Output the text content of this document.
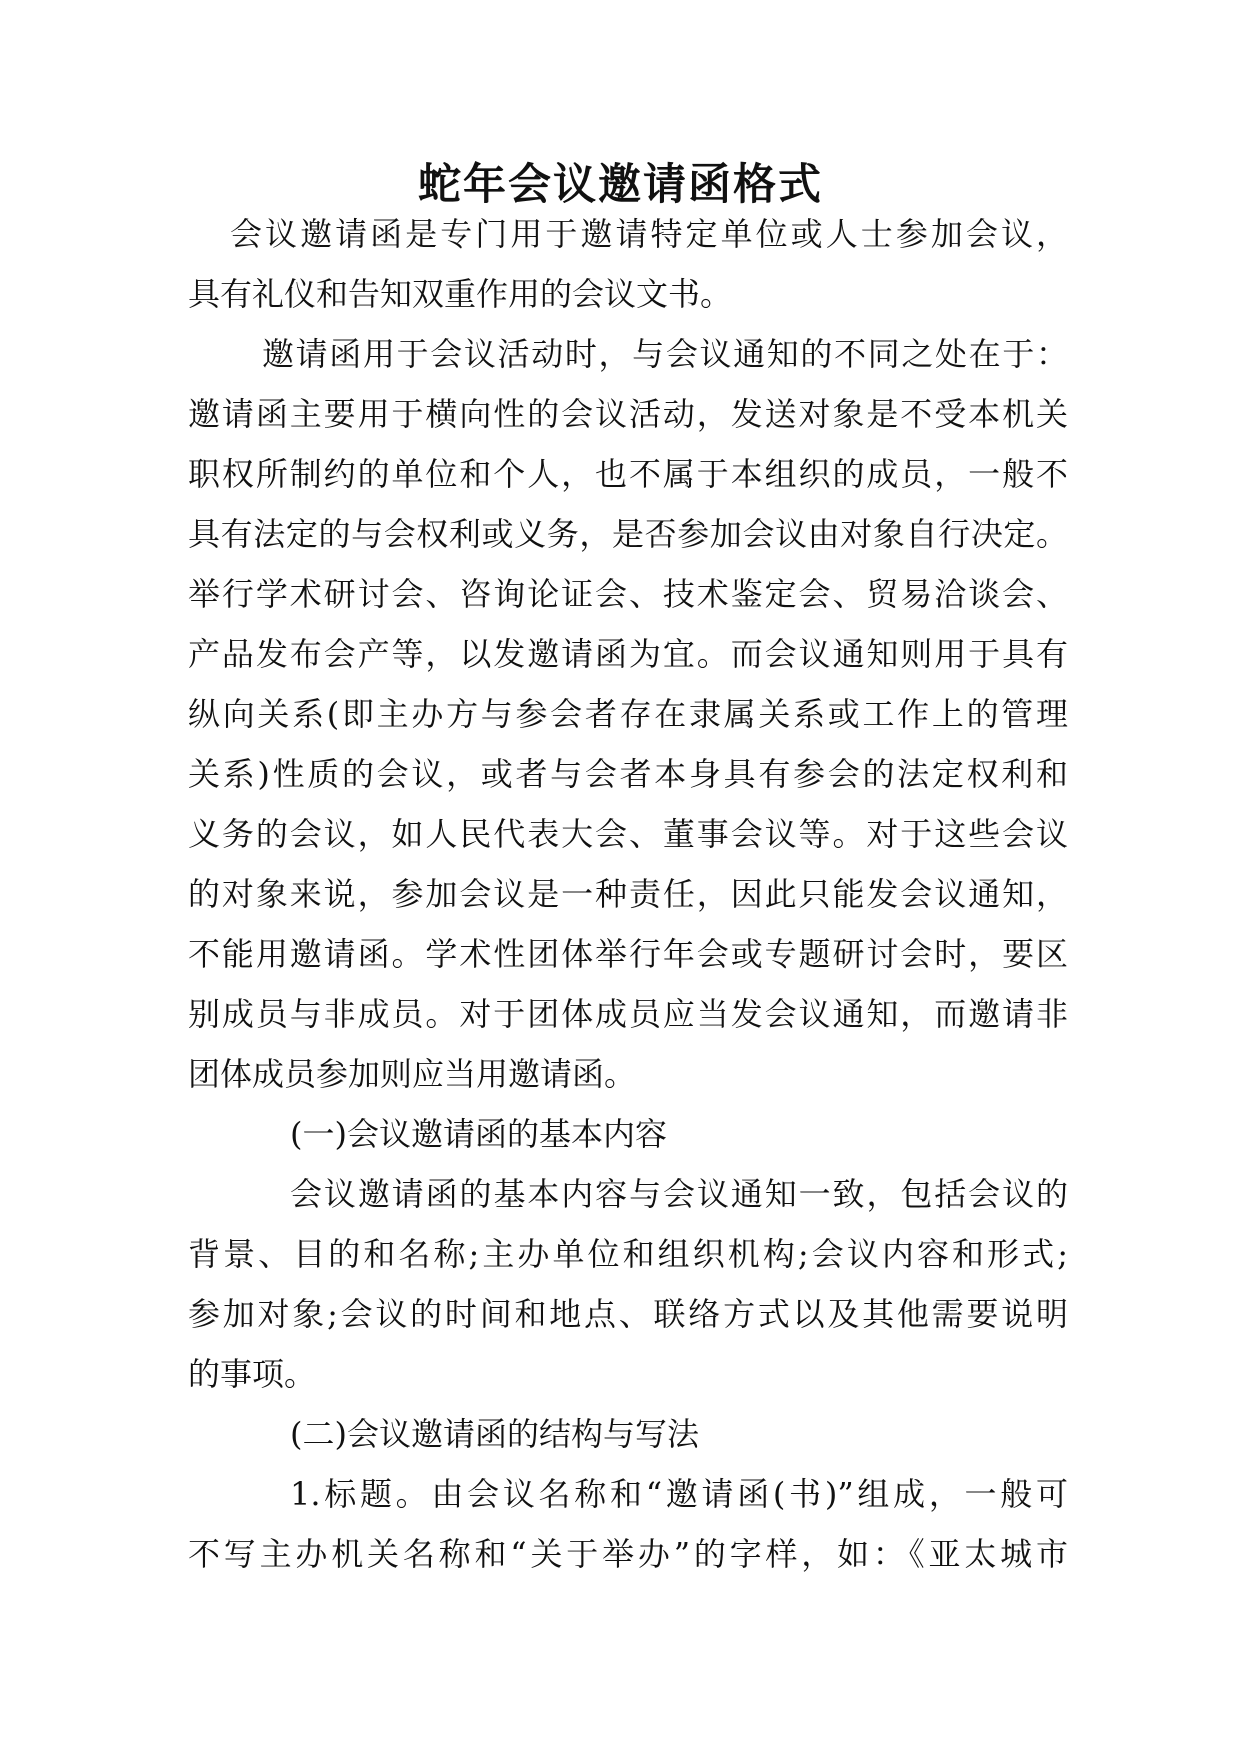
蛇年会议邀请函格式

会议邀请函是专门用于邀请特定单位或人士参加会议，

具有礼仪和告知双重作用的会议文书。

邀请函用于会议活动时，与会议通知的不同之处在于：

邀请函主要用于横向性的会议活动，发送对象是不受本机关

职权所制约的单位和个人，也不属于本组织的成员，一般不

具有法定的与会权利或义务，是否参加会议由对象自行决定。

举行学术研讨会、咨询论证会、技术鉴定会、贸易洽谈会、

产品发布会产等，以发邀请函为宜。而会议通知则用于具有

纵向关系(即主办方与参会者存在隶属关系或工作上的管理

关系)性质的会议，或者与会者本身具有参会的法定权利和

义务的会议，如人民代表大会、董事会议等。对于这些会议

的对象来说，参加会议是一种责任，因此只能发会议通知，

不能用邀请函。学术性团体举行年会或专题研讨会时，要区

别成员与非成员。对于团体成员应当发会议通知，而邀请非

团体成员参加则应当用邀请函。

(一)会议邀请函的基本内容

会议邀请函的基本内容与会议通知一致，包括会议的

背景、目的和名称;主办单位和组织机构;会议内容和形式;

参加对象;会议的时间和地点、联络方式以及其他需要说明

的事项。

(二)会议邀请函的结构与写法

1.标题。由会议名称和“邀请函(书)”组成，一般可

不写主办机关名称和“关于举办”的字样，如：《亚太城市
